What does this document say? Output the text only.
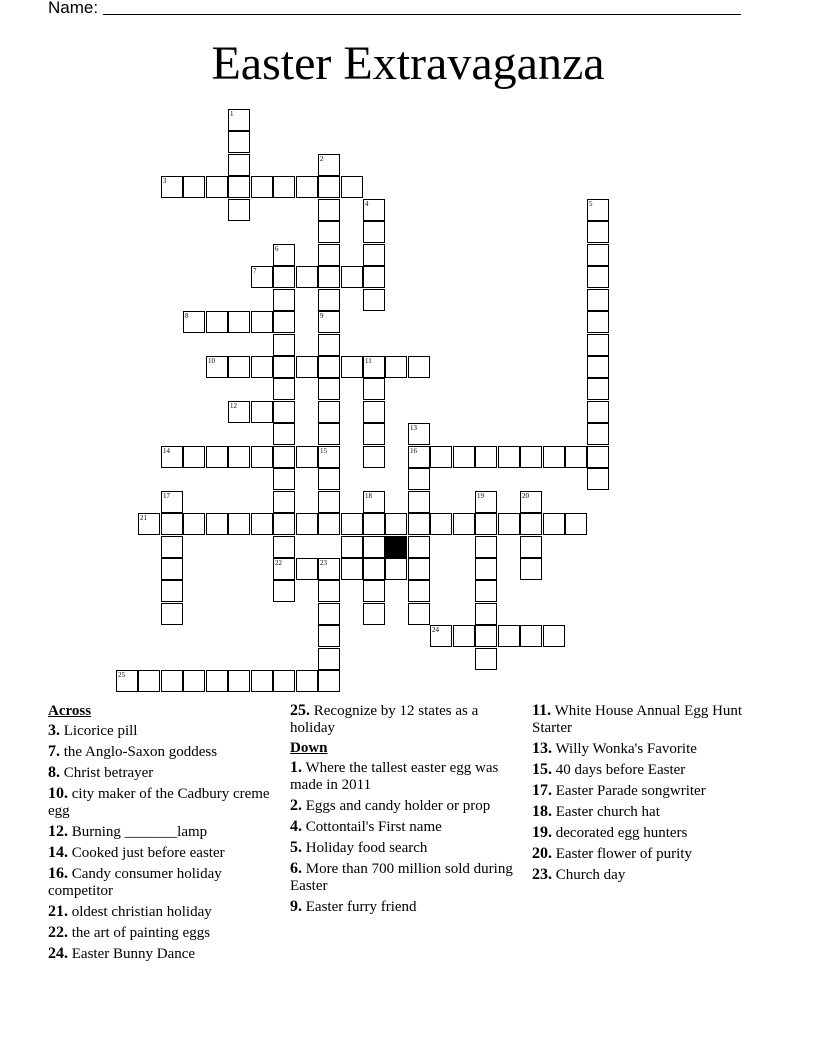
Name:
Easter Extravaganza
1
2
3
4	5
6
22
7
8	9
10	11
12
13
16
14	15
17	18	19	20
21
23
24
25
Across
3. Licorice pill
7. the Anglo-Saxon goddess
8. Christ betrayer
10. city maker of the Cadbury creme egg
12. Burning _______lamp
14. Cooked just before easter
16. Candy consumer holiday competitor
21. oldest christian holiday
22. the art of painting eggs
24. Easter Bunny Dance
25. Recognize by 12 states as a holiday
Down
1. Where the tallest easter egg was made in 2011
2. Eggs and candy holder or prop
4. Cottontail's First name
5. Holiday food search
6. More than 700 million sold during Easter
9. Easter furry friend
11. White House Annual Egg Hunt Starter
13. Willy Wonka's Favorite
15. 40 days before Easter
17. Easter Parade songwriter
18. Easter church hat
19. decorated egg hunters
20. Easter flower of purity
23. Church day
